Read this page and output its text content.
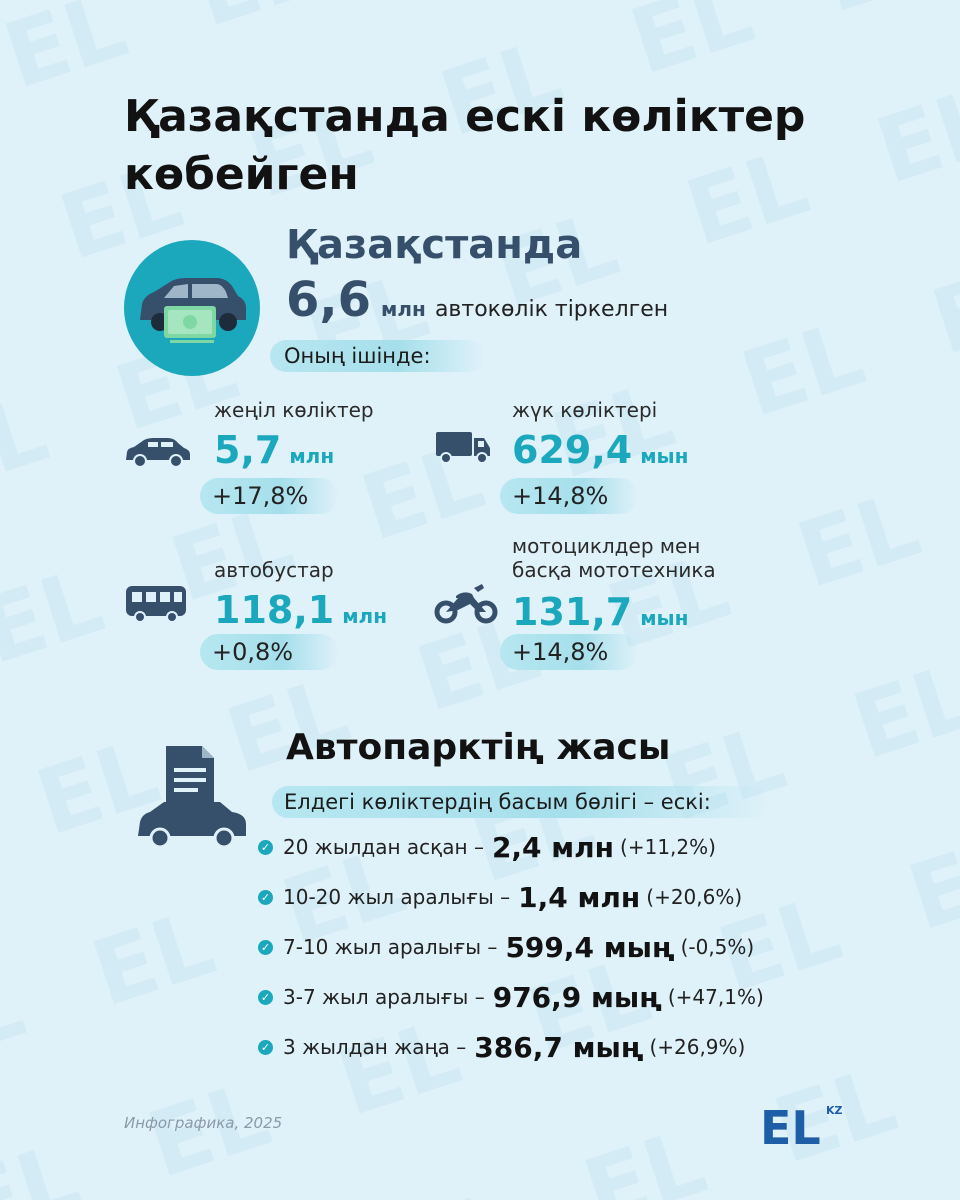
Қазақстанда ескі көліктер көбейген
Қазақстанда
6,6 млн автокөлік тіркелген
Оның ішінде:
жеңіл көліктер
5,7 млн
+17,8%
жүк көліктері
629,4 мын
+14,8%
автобустар
118,1 млн
+0,8%
мотоциклдер мен
басқа мототехника
131,7 мын
+14,8%
Автопарктің жасы
Елдегі көліктердің басым бөлігі – ескі:
✓ 20 жылдан асқан – 2,4 млн (+11,2%)
✓ 10-20 жыл аралығы – 1,4 млн (+20,6%)
✓ 7-10 жыл аралығы – 599,4 мың (-0,5%)
✓ 3-7 жыл аралығы – 976,9 мың (+47,1%)
✓ 3 жылдан жаңа – 386,7 мың (+26,9%)
Инфографика, 2025	EL KZ
